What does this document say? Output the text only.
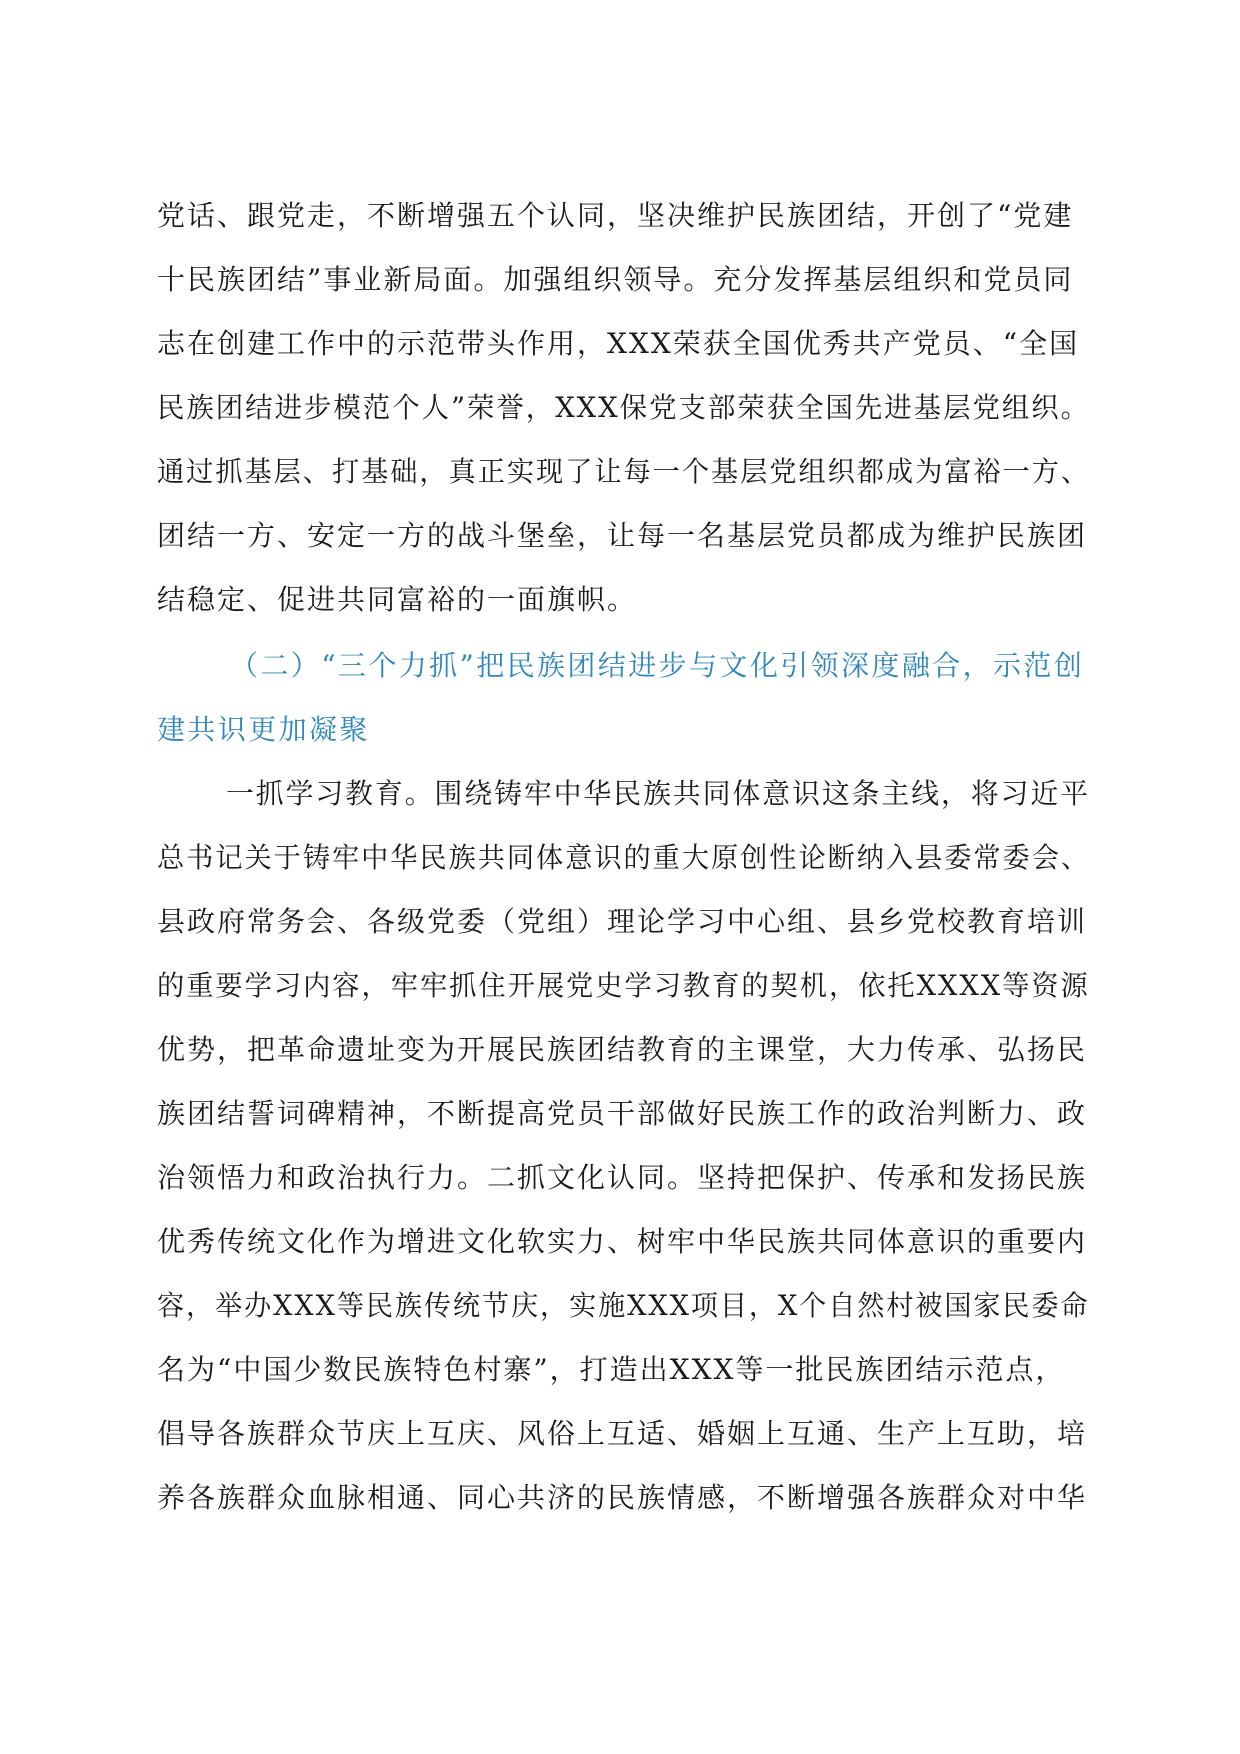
党话、跟党走，不断增强五个认同，坚决维护民族团结，开创了“党建
十民族团结”事业新局面。加强组织领导。充分发挥基层组织和党员同
志在创建工作中的示范带头作用，XXX荣获全国优秀共产党员、“全国
民族团结进步模范个人”荣誉，XXX保党支部荣获全国先进基层党组织。
通过抓基层、打基础，真正实现了让每一个基层党组织都成为富裕一方、
团结一方、安定一方的战斗堡垒，让每一名基层党员都成为维护民族团
结稳定、促进共同富裕的一面旗帜。
（二）“三个力抓”把民族团结进步与文化引领深度融合，示范创
建共识更加凝聚
一抓学习教育。围绕铸牢中华民族共同体意识这条主线，将习近平
总书记关于铸牢中华民族共同体意识的重大原创性论断纳入县委常委会、
县政府常务会、各级党委（党组）理论学习中心组、县乡党校教育培训
的重要学习内容，牢牢抓住开展党史学习教育的契机，依托XXXX等资源
优势，把革命遗址变为开展民族团结教育的主课堂，大力传承、弘扬民
族团结誓词碑精神，不断提高党员干部做好民族工作的政治判断力、政
治领悟力和政治执行力。二抓文化认同。坚持把保护、传承和发扬民族
优秀传统文化作为增进文化软实力、树牢中华民族共同体意识的重要内
容，举办XXX等民族传统节庆，实施XXX项目，X个自然村被国家民委命
名为“中国少数民族特色村寨”，打造出XXX等一批民族团结示范点，
倡导各族群众节庆上互庆、风俗上互适、婚姻上互通、生产上互助，培
养各族群众血脉相通、同心共济的民族情感，不断增强各族群众对中华
